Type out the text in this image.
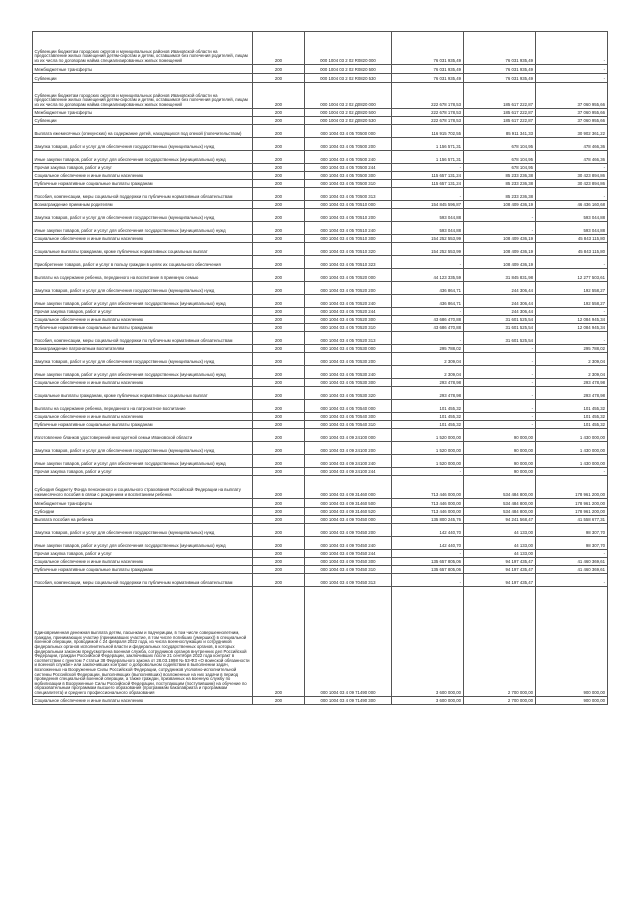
Субвенции бюджетам городских округов и муниципальных районов Ивановской области на предоставление жилых помещений детям-сиротам и детям, оставшимся без попечения родителей, лицам из их числа по договорам найма специализированных жилых помещений	200	000 1004 03 2 02 R0820 000	76 031 935,49	76 031 935,49	-
Межбюджетные трансферты	200	000 1004 03 2 02 R0820 500	76 031 935,49	76 031 935,49	-
Субвенции	200	000 1004 03 2 02 R0820 530	76 031 935,49	76 031 935,49	-
Субвенции бюджетам городских округов и муниципальных районов Ивановской области на предоставление жилых помещений детям-сиротам и детям, оставшимся без попечения родителей, лицам из их числа по договорам найма специализированных жилых помещений	200	000 1004 03 2 02 Д0820 000	222 678 178,53	185 617 222,87	37 060 955,66
Межбюджетные трансферты	200	000 1004 03 2 02 Д0820 500	222 678 178,53	185 617 222,87	37 060 955,66
Субвенции	200	000 1004 03 2 02 Д0820 530	222 678 178,53	185 617 222,87	37 060 955,66
Выплата ежемесячных (опекунских) на содержание детей, находящихся под опекой (попечительством)	200	000 1004 03 4 05 70500 000	116 915 702,55	85 911 341,33	30 902 361,22
Закупка товаров, работ и услуг для обеспечения государственных (муниципальных) нужд	200	000 1004 03 4 05 70500 200	1 156 571,31	678 104,95	478 466,36
Иные закупки товаров, работ и услуг для обеспечения государственных (муниципальных) нужд	200	000 1004 03 4 05 70500 240	1 156 571,31	678 104,95	478 466,36
Прочая закупка товаров, работ и услуг	200	000 1004 03 4 05 70500 244	-	678 104,95	-
Социальное обеспечение и иные выплаты населению	200	000 1004 03 4 05 70500 300	115 657 131,24	85 233 236,38	30 423 894,86
Публичные нормативные социальные выплаты гражданам	200	000 1004 03 4 05 70500 310	115 657 131,24	85 233 236,38	30 423 894,86
Пособия, компенсации, меры социальной поддержки по публичным нормативным обязательствам	200	000 1004 03 4 05 70500 313	-	85 233 236,38	-
Вознаграждение приемным родителям	200	000 1004 03 4 05 70510 000	154 845 596,87	108 409 436,19	46 436 160,68
Закупка товаров, работ и услуг для обеспечения государственных (муниципальных) нужд	200	000 1004 03 4 05 70510 200	593 044,88	-	593 044,88
Иные закупки товаров, работ и услуг для обеспечения государственных (муниципальных) нужд	200	000 1004 03 4 05 70510 240	593 044,88	-	593 044,88
Социальное обеспечение и иные выплаты населению	200	000 1004 03 4 05 70510 300	154 252 553,99	108 409 436,19	45 843 115,80
Социальные выплаты гражданам, кроме публичных нормативных социальных выплат	200	000 1004 03 4 05 70510 320	154 252 553,99	108 409 436,19	45 843 115,80
Приобретение товаров, работ и услуг в пользу граждан в целях их социального обеспечения	200	000 1004 03 4 05 70510 323	-	108 409 436,19	-
Выплаты на содержание ребенка, переданного на воспитание в приемную семью	200	000 1004 03 4 05 70520 000	44 123 335,59	31 845 831,98	12 277 503,61
Закупка товаров, работ и услуг для обеспечения государственных (муниципальных) нужд	200	000 1004 03 4 05 70520 200	436 864,71	244 306,44	192 558,27
Иные закупки товаров, работ и услуг для обеспечения государственных (муниципальных) нужд	200	000 1004 03 4 05 70520 240	436 864,71	244 306,44	192 558,27
Прочая закупка товаров, работ и услуг	200	000 1004 03 4 05 70520 244	-	244 306,44	-
Социальное обеспечение и иные выплаты населению	200	000 1004 03 4 05 70520 300	43 686 470,88	31 601 525,54	12 084 945,34
Публичные нормативные социальные выплаты гражданам	200	000 1004 03 4 05 70520 310	43 686 470,88	31 601 525,54	12 084 945,34
Пособия, компенсации, меры социальной поддержки по публичным нормативным обязательствам	200	000 1004 03 4 05 70520 313	-	31 601 525,54	-
Вознаграждение патронатным воспитателям	200	000 1004 03 4 05 70530 000	295 788,02	-	295 788,02
Закупка товаров, работ и услуг для обеспечения государственных (муниципальных) нужд	200	000 1004 03 4 05 70530 200	2 309,04	-	2 309,04
Иные закупки товаров, работ и услуг для обеспечения государственных (муниципальных) нужд	200	000 1004 03 4 05 70530 240	2 309,04	-	2 309,04
Социальное обеспечение и иные выплаты населению	200	000 1004 03 4 05 70530 300	293 478,98	-	293 478,98
Социальные выплаты гражданам, кроме публичных нормативных социальных выплат	200	000 1004 03 4 05 70530 320	293 478,98	-	293 478,98
Выплаты на содержание ребенка, переданного на патронатное воспитание	200	000 1004 03 4 05 70540 000	101 455,32	-	101 455,32
Социальное обеспечение и иные выплаты населению	200	000 1004 03 4 05 70540 300	101 455,32	-	101 455,32
Публичные нормативные социальные выплаты гражданам	200	000 1004 03 4 05 70540 310	101 455,32	-	101 455,32
Изготовление бланков удостоверений многодетной семьи Ивановской области	200	000 1004 03 4 09 24100 000	1 520 000,00	90 000,00	1 430 000,00
Закупка товаров, работ и услуг для обеспечения государственных (муниципальных) нужд	200	000 1004 03 4 09 24100 200	1 520 000,00	90 000,00	1 430 000,00
Иные закупки товаров, работ и услуг для обеспечения государственных (муниципальных) нужд	200	000 1004 03 4 09 24100 240	1 520 000,00	90 000,00	1 430 000,00
Прочая закупка товаров, работ и услуг	200	000 1004 03 4 09 24100 244	-	90 000,00	-
Субсидия бюджету Фонда пенсионного и социального страхования Российской Федерации на выплату ежемесячного пособия в связи с рождением и воспитанием ребенка	200	000 1004 03 4 09 31460 000	713 446 000,00	534 484 800,00	178 961 200,00
Межбюджетные трансферты	200	000 1004 03 4 09 31460 500	713 446 000,00	534 484 800,00	178 961 200,00
Субсидии	200	000 1004 03 4 09 31460 520	713 446 000,00	534 484 800,00	178 961 200,00
Выплата пособия на ребенка	200	000 1004 03 4 09 70450 000	135 800 245,76	94 241 568,47	41 558 677,31
Закупка товаров, работ и услуг для обеспечения государственных (муниципальных) нужд	200	000 1004 03 4 09 70450 200	142 440,70	44 133,00	98 307,70
Иные закупки товаров, работ и услуг для обеспечения государственных (муниципальных) нужд	200	000 1004 03 4 09 70450 240	142 440,70	44 133,00	98 307,70
Прочая закупка товаров, работ и услуг	200	000 1004 03 4 09 70450 244	-	44 133,00	-
Социальное обеспечение и иные выплаты населению	200	000 1004 03 4 09 70450 300	135 657 805,06	94 197 435,47	41 460 369,61
Публичные нормативные социальные выплаты гражданам	200	000 1004 03 4 09 70450 310	135 657 805,06	94 197 435,47	41 460 369,61
Пособия, компенсации, меры социальной поддержки по публичным нормативным обязательствам	200	000 1004 03 4 09 70450 313	-	94 197 435,47	-
Единовременная денежная выплата детям, пасынкам и падчерицам, в том числе совершеннолетним, граждан, принимающих участие (принимавших участие, в том числе погибших (умерших)) в специальной военной операции, проводимой с 24 февраля 2022 года, из числа военнослужащих и сотрудников федеральных органов исполнительной власти и федеральных государственных органов, в которых федеральным законом предусмотрена военная служба, сотрудников органов внутренних дел Российской Федерации, граждан Российской Федерации, заключивших после 21 сентября 2022 года контракт в соответствии с пунктом 7 статьи 38 Федерального закона от 28.03.1998 № 53-ФЗ «О воинской обязанности и военной службе» или заключивших контракт о добровольном содействии в выполнении задач, возложенных на Вооруженные Силы Российской Федерации, сотрудников уголовно-исполнительной системы Российской Федерации, выполняющих (выполнявших) возложенные на них задачи в период проведения специальной военной операции, а также граждан, призванных на военную службу по мобилизации в Вооруженные Силы Российской Федерации, поступающим (поступившим) на обучение по образовательным программам высшего образования (программам бакалавриата и программам специалитета) и среднего профессионального образования	200	000 1004 03 4 09 71490 000	3 600 000,00	2 700 000,00	900 000,00
Социальное обеспечение и иные выплаты населению	200	000 1004 03 4 09 71490 300	3 600 000,00	2 700 000,00	900 000,00
